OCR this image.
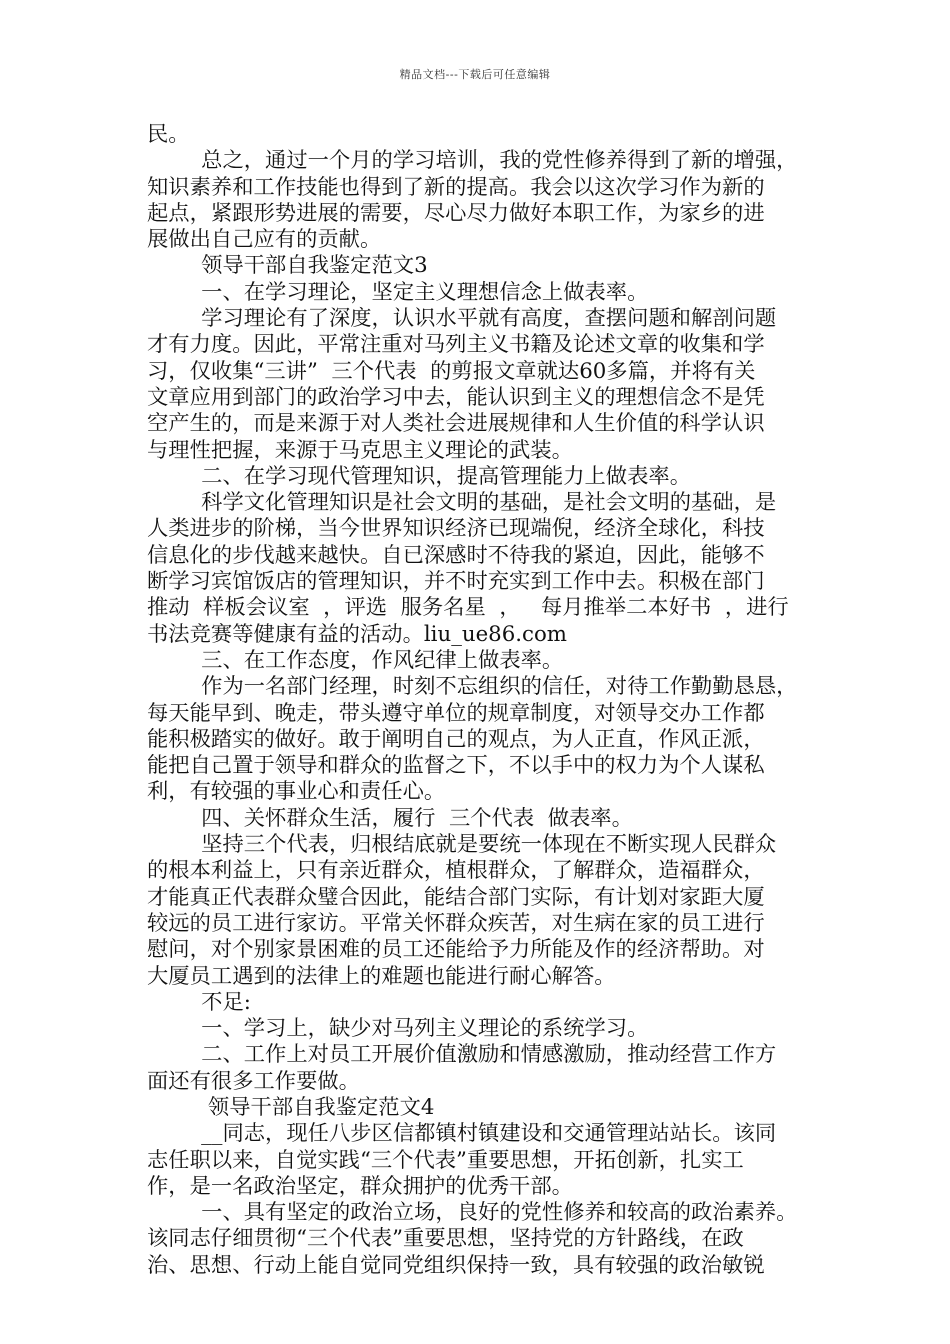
精品文档---下载后可任意编辑

民。

总之，通过一个月的学习培训，我的党性修养得到了新的增强，

知识素养和工作技能也得到了新的提高。我会以这次学习作为新的

起点，紧跟形势进展的需要，尽心尽力做好本职工作，为家乡的进

展做出自己应有的贡献。

领导干部自我鉴定范文3

一、在学习理论，坚定主义理想信念上做表率。

学习理论有了深度，认识水平就有高度，查摆问题和解剖问题

才有力度。因此，平常注重对马列主义书籍及论述文章的收集和学

习，仅收集“三讲”  三个代表  的剪报文章就达60多篇，并将有关

文章应用到部门的政治学习中去，能认识到主义的理想信念不是凭

空产生的，而是来源于对人类社会进展规律和人生价值的科学认识

与理性把握，来源于马克思主义理论的武装。

二、在学习现代管理知识，提高管理能力上做表率。

科学文化管理知识是社会文明的基础，是社会文明的基础，是

人类进步的阶梯，当今世界知识经济已现端倪，经济全球化，科技

信息化的步伐越来越快。自已深感时不待我的紧迫，因此，能够不

断学习宾馆饭店的管理知识，并不时充实到工作中去。积极在部门

推动  样板会议室  ，评选  服务名星  ，   每月推举二本好书  ，进行

书法竞赛等健康有益的活动。liu_ue86.com

三、在工作态度，作风纪律上做表率。

作为一名部门经理，时刻不忘组织的信任，对待工作勤勤恳恳，

每天能早到、晚走，带头遵守单位的规章制度，对领导交办工作都

能积极踏实的做好。敢于阐明自己的观点，为人正直，作风正派，

能把自己置于领导和群众的监督之下，不以手中的权力为个人谋私

利，有较强的事业心和责任心。

四、关怀群众生活，履行  三个代表  做表率。

坚持三个代表，归根结底就是要统一体现在不断实现人民群众

的根本利益上，只有亲近群众，植根群众，了解群众，造福群众，

才能真正代表群众璧合因此，能结合部门实际，有计划对家距大厦

较远的员工进行家访。平常关怀群众疾苦，对生病在家的员工进行

慰问，对个别家景困难的员工还能给予力所能及作的经济帮助。对

大厦员工遇到的法律上的难题也能进行耐心解答。

不足:

一、学习上，缺少对马列主义理论的系统学习。

二、工作上对员工开展价值激励和情感激励，推动经营工作方

面还有很多工作要做。

领导干部自我鉴定范文4

__同志，现任八步区信都镇村镇建设和交通管理站站长。该同

志任职以来，自觉实践“三个代表”重要思想，开拓创新，扎实工

作，是一名政治坚定，群众拥护的优秀干部。

一、具有坚定的政治立场，良好的党性修养和较高的政治素养。

该同志仔细贯彻“三个代表”重要思想，坚持党的方针路线，在政

治、思想、行动上能自觉同党组织保持一致，具有较强的政治敏锐
